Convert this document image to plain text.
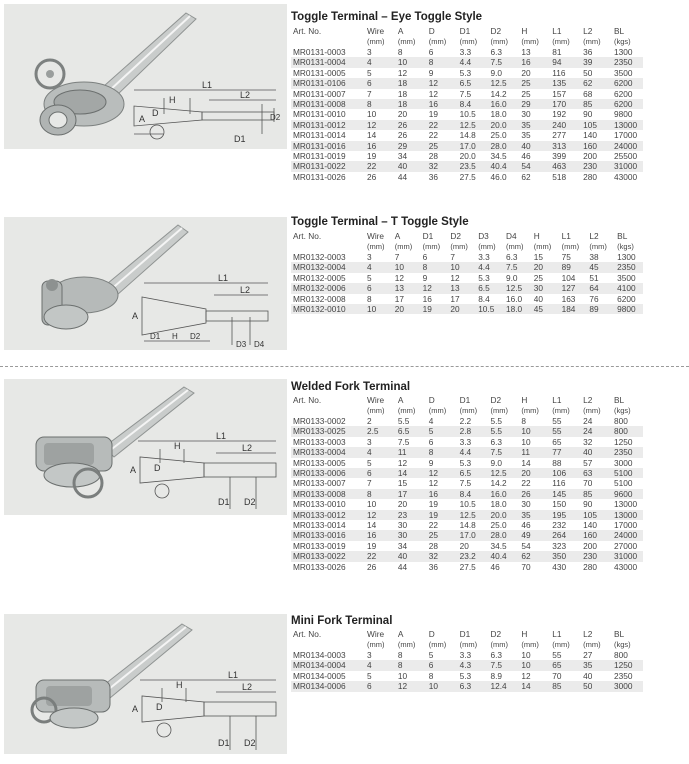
L1
L2
H
A
D
D1
D2
Toggle Terminal – Eye Toggle Style
Art. No.	Wire	A	D	D1	D2	H	L1	L2	BL
	(mm)	(mm)	(mm)	(mm)	(mm)	(mm)	(mm)	(mm)	(kgs)
MR0131-0003	3	8	6	3.3	6.3	13	81	36	1300
MR0131-0004	4	10	8	4.4	7.5	16	94	39	2350
MR0131-0005	5	12	9	5.3	9.0	20	116	50	3500
MR0131-0106	6	18	12	6.5	12.5	25	135	62	6200
MR0131-0007	7	18	12	7.5	14.2	25	157	68	6200
MR0131-0008	8	18	16	8.4	16.0	29	170	85	6200
MR0131-0010	10	20	19	10.5	18.0	30	192	90	9800
MR0131-0012	12	26	22	12.5	20.0	35	240	105	13000
MR0131-0014	14	26	22	14.8	25.0	35	277	140	17000
MR0131-0016	16	29	25	17.0	28.0	40	313	160	24000
MR0131-0019	19	34	28	20.0	34.5	46	399	200	25500
MR0131-0022	22	40	32	23.5	40.4	54	463	230	31000
MR0131-0026	26	44	36	27.5	46.0	62	518	280	43000
L1
L2
A
D1 H D2
D3 D4
Toggle Terminal – T Toggle Style
Art. No.	Wire	A	D1	D2	D3	D4	H	L1	L2	BL
	(mm)	(mm)	(mm)	(mm)	(mm)	(mm)	(mm)	(mm)	(mm)	(kgs)
MR0132-0003	3	7	6	7	3.3	6.3	15	75	38	1300
MR0132-0004	4	10	8	10	4.4	7.5	20	89	45	2350
MR0132-0005	5	12	9	12	5.3	9.0	25	104	51	3500
MR0132-0006	6	13	12	13	6.5	12.5	30	127	64	4100
MR0132-0008	8	17	16	17	8.4	16.0	40	163	76	6200
MR0132-0010	10	20	19	20	10.5	18.0	45	184	89	9800
L1
L2
H
A D
D1 D2
Welded Fork Terminal
Art. No.	Wire	A	D	D1	D2	H	L1	L2	BL
	(mm)	(mm)	(mm)	(mm)	(mm)	(mm)	(mm)	(mm)	(kgs)
MR0133-0002	2	5.5	4	2.2	5.5	8	55	24	800
MR0133-0025	2.5	6.5	5	2.8	5.5	10	55	24	800
MR0133-0003	3	7.5	6	3.3	6.3	10	65	32	1250
MR0133-0004	4	11	8	4.4	7.5	11	77	40	2350
MR0133-0005	5	12	9	5.3	9.0	14	88	57	3000
MR0133-0006	6	14	12	6.5	12.5	20	106	63	5100
MR0133-0007	7	15	12	7.5	14.2	22	116	70	5100
MR0133-0008	8	17	16	8.4	16.0	26	145	85	9600
MR0133-0010	10	20	19	10.5	18.0	30	150	90	13000
MR0133-0012	12	23	19	12.5	20.0	35	195	105	13000
MR0133-0014	14	30	22	14.8	25.0	46	232	140	17000
MR0133-0016	16	30	25	17.0	28.0	49	264	160	24000
MR0133-0019	19	34	28	20	34.5	54	323	200	27000
MR0133-0022	22	40	32	23.2	40.4	62	350	230	31000
MR0133-0026	26	44	36	27.5	46	70	430	280	43000
L1
L2
H
A D
D1 D2
Mini Fork Terminal
Art. No.	Wire	A	D	D1	D2	H	L1	L2	BL
	(mm)	(mm)	(mm)	(mm)	(mm)	(mm)	(mm)	(mm)	(kgs)
MR0134-0003	3	8	5	3.3	6.3	10	55	27	800
MR0134-0004	4	8	6	4.3	7.5	10	65	35	1250
MR0134-0005	5	10	8	5.3	8.9	12	70	40	2350
MR0134-0006	6	12	10	6.3	12.4	14	85	50	3000
